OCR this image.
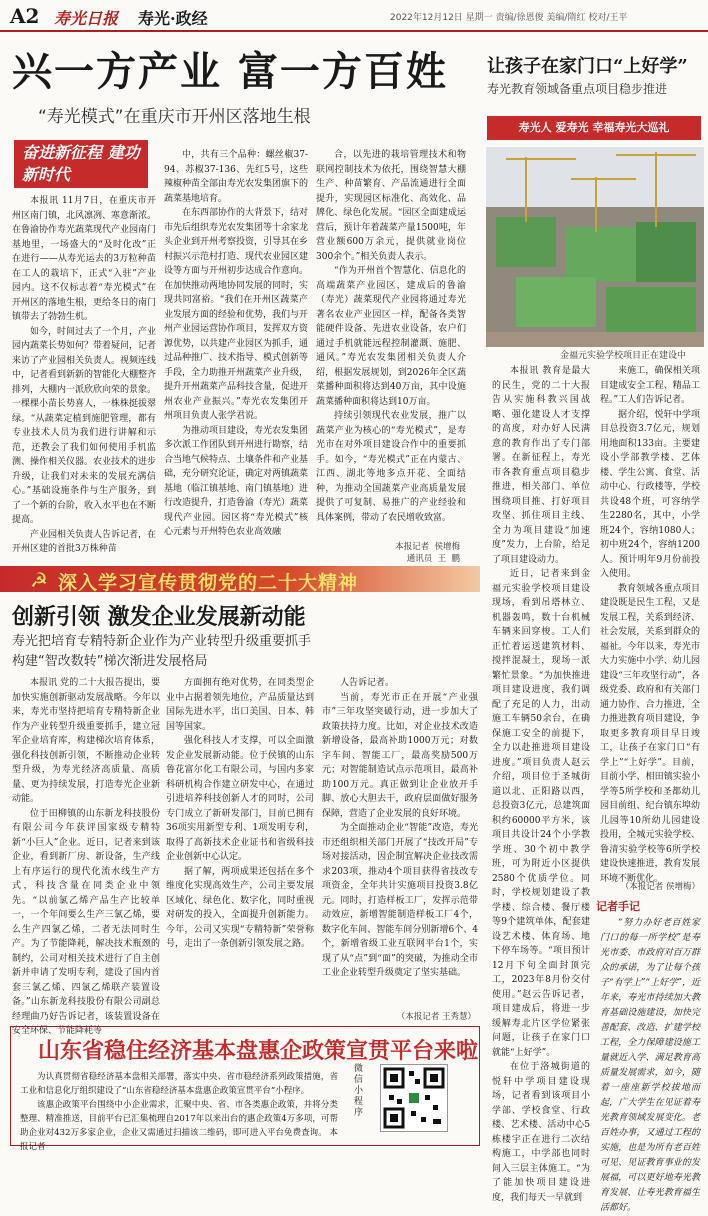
A2 寿光日报 寿光·政经	2022年12月12日 星期一 责编/徐恩俊 美编/隋红 校对/王平
兴一方产业 富一方百姓
“寿光模式”在重庆市开州区落地生根
奋进新征程 建功新时代

本报讯 11月7日，在重庆市开州区南门镇，北风凛冽、寒意渐浓。在鲁渝协作寿光蔬菜现代产业园南门基地里，一场盛大的“及时化改”正在进行——从寿光运去的3万粒种苗在工人的栽培下，正式“入驻”产业园内。这不仅标志着“寿光模式”在开州区的落地生根，更给冬日的南门镇带去了勃勃生机。

如今，时间过去了一个月，产业园内蔬菜长势如何？带着疑问，记者来访了产业园相关负责人。视频连线中，记者看到新新的智能化大棚整齐排列，大棚内一派欣欣向荣的景象。一棵棵小苗长势喜人，一株株挺拔翠绿。“从蔬菜定植到施肥管理，都有专业技术人员为我们进行讲解和示范，还教会了我们如何使用手机监测、操作相关仪器。农业技术的进步升级，让我们对未来的发展充满信心。”基础设施条件与生产服务，到了一个新的台阶，收入水平也在不断提高。

产业园相关负责人告诉记者，在开州区建的首批3万株种苗

中，共有三个品种：螺丝椒37-94、苏椒37-136、先红5号，这些辣椒种苗全部由寿光农发集团旗下的蔬菜基地培育。

在东西部协作的大背景下，结对市先后组织寿光农发集团等十余家龙头企业到开州考察投资，引导其在乡村振兴示范村打造、现代农业园区建设等方面与开州初步达成合作意向。在加快推动两地协同发展的同时，实现共同富裕。“我们在开州区蔬菜产业发展方面的经验和优势，我们与开州产业园运营协作项目，发挥双方资源优势，以共建产业园区为抓手，通过品种推广、技术指导、模式创新等手段，全力助推开州蔬菜产业升级，提升开州蔬菜产品科技含量，促进开州农业产业振兴。”寿光农发集团开州项目负责人张学君说。

为推动项目建设，寿光农发集团多次派工作团队到开州进行勘察，结合当地气候特点、土壤条件和产业基础，充分研究论证，确定对两镇蔬菜基地（临江镇基地、南门镇基地）进行改造提升，打造鲁渝（寿光）蔬菜现代产业园。园区将“寿光模式”核心元素与开州特色农业高效融

合，以先进的栽培管理技术和物联网控制技术为依托，围绕智慧大棚生产、种苗繁育、产品流通进行全面提升，实现园区标准化、高效化、品牌化、绿色化发展。“园区全面建成运营后，预计年着蔬菜产量1500吨，年营业额600万余元，提供就业岗位300余个。”相关负责人表示。

“作为开州首个智慧化、信息化的高端蔬菜产业园区，建成后的鲁渝（寿光）蔬菜现代产业园将通过寿光著名农业产业园区一样，配备各类智能硬件设备、先进农业设备，农户们通过手机就能远程控制灌溉、施肥、通风。”寿光农发集团相关负责人介绍，根据发展规划，到2026年全区蔬菜播种面积将达到40万亩，其中设施蔬菜播种面积将达到10万亩。

持续引领现代农业发展，推广以蔬菜产业为核心的“寿光模式”，是寿光市在对外项目建设合作中的重要抓手。如今，“寿光模式”正在内蒙古、江西、湖北等地多点开花、全面结种，为推动全国蔬菜产业高质量发展提供了可复制、易推广的产业经验和具体案例，带动了农民增收致富。

本报记者  侯增梅
通讯员  王  鹏
让孩子在家门口“上好学”
寿光教育领域备重点项目稳步推进
寿光人 爱寿光 幸福寿光大巡礼
金福元实验学校项目正在建设中

本报讯 教育是最大的民生，党的二十大报告从实施科教兴国战略、强化建设人才支撑的高度，对办好人民满意的教育作出了专门部署。在新征程上，寿光市各教育重点项目稳步推进，相关部门、单位围绕项目推、打好项目攻坚、抓住项目主线、全力为项目建设“加速度”发力，上台阶，给足了项目建设动力。

近日，记者来到金福元实验学校项目建设现场，看到吊塔林立、机器轰鸣，数十台机械车辆来回穿梭。工人们正忙着运送建筑材料、搅拌混凝土，现场一派繁忙景象。“为加快推进项目建设进度，我们调配了充足的人力，出动施工车辆50余台，在确保施工安全的前提下，全力以赴推进项目建设进度。”项目负责人赵云介绍，项目位于圣城街道以北、正阳路以西，总投资3亿元，总建筑面积约60000平方米，该项目共设计24个小学教学班、30个初中教学班，可为附近小区提供2580个优质学位。同时，学校规划建设了教学楼、综合楼、餐厅楼等9个建筑单体，配套建设艺术楼、体育场、地下停车场等。“项目预计12月下旬全面封顶完工，2023年8月份交付使用。”赵云告诉记者，项目建成后，将进一步缓解寿北片区学位紧张问题，让孩子在家门口就能“上好学”。

在位于洛城街道的悦轩中学项目建设现场，记者看到该项目小学部、学校食堂、行政楼、艺术楼、活动中心5栋楼宇正在进行二次结构施工，中学部也同时间入三层主体施工。“为了能加快项目建设进度，我们每天一早就到

来施工，确保相关项目建成安全工程、精品工程。”工人们告诉记者。

据介绍，悦轩中学项目总投资3.7亿元，规划用地面积133亩。主要建设小学部教学楼、艺体楼、学生公寓、食堂、活动中心、行政楼等，学校共设48个班，可容纳学生2280名，其中，小学班24个，容纳1080人；初中班24个，容纳1200人。预计明年9月份前投入使用。

教育领域各重点项目建设既是民生工程，又是发展工程，关系到经济、社会发展，关系到群众的福祉。今年以来，寿光市大力实施中小学、幼儿园建设“三年攻坚行动”，各级党委、政府和有关部门通力协作、合力推进，全力推进教育项目建设，争取更多教育项目早日竣工，让孩子在家门口“有学上”“上好学”。目前，目前小学、相田镇实验小学等5所学校和圣都幼儿园目前组、纪台镇东埠幼儿园等10所幼儿园建设投用，全城元实验学校、鲁清实验学校等6所学校建设快速推进，教育发展环境不断优化。

（本报记者 侯增梅）
记者手记

“努力办好老百姓家门口的每一所学校”是寿光市委、市政府对百万群众的承诺，为了让每个孩子“有学上”“上好学”，近年来，寿光市持续加大教育基础设施建设，加快完善配套、改造、扩建学校工程，全力保障建设施工量就近入学、满足教育高质量发展需求，如今，随着一座座新学校拔地而起，广大学生在见证着寿光教育领域发展变化。老百姓办事，又通过工程的实施，也是为所有老百姓可见、见证教育事业的发展福，可以更好地寿光教育发展、让寿光教育福生活都好。

☭ 深入学习宣传贯彻党的二十大精神
创新引领 激发企业发展新动能
寿光把培育专精特新企业作为产业转型升级重要抓手
构建“智改数转”梯次渐进发展格局

本报讯 党的二十大报告提出，要加快实施创新驱动发展战略。今年以来，寿光市坚持把培育专精特新企业作为产业转型升级重要抓手，建立冠军企业培育库，构建梯次培育体系，强化科技创新引领，不断推动企业转型升级，为寿光经济高质量、高质量、更为持续发展，打造寿光企业新动能。

位于田柳镇的山东新龙科技股份有限公司今年获评国家级专精特新“小巨人”企业。近日，记者来到该企业，看到新厂房、新设备，生产线上有序运行的现代化流水线生产方式，科技含量在同类企业中领先。“以前氯乙烯产品生产比较单一，一个年间要么生产三氯乙烯，要么生产四氯乙烯，二者无法同时生产。为了节能降耗，解决技术瓶颈的制约，公司对相关技术进行了自主创新并申请了发明专利，建设了国内首套三氯乙烯、四氯乙烯联产装置设备。”山东新龙科技股份有限公司副总经理曲乃好告诉记者，该装置设备在安全环保、节能降耗等

方面拥有绝对优势，在同类型企业中占据着领先地位，产品质量达到国际先进水平，出口美国、日本、韩国等国家。

强化科技人才支撑，可以全面激发企业发展新动能。位于侯镇的山东鲁花富尔化工有限公司，与国内多家科研机构合作建立研发中心，在通过引进培养科技创新人才的同时，公司专门成立了新研发部门，目前已拥有36项实用新型专利、1项发明专利，取得了高新技术企业证书和省级科技企业创新中心认定。

据了解，两项成果还包括在多个维度化实现高效生产，公司主要发展区域化、绿色化、数字化，同时重视对研发的投入，全面提升创新能力。今年，公司又实现“专精特新”荣誉称号，走出了一条创新引领发展之路。

人告诉记者。

当前，寿光市正在开展“产业强市”三年攻坚突破行动，进一步加大了政策扶持力度。比如，对企业技术改造新增设备，最高补助1000万元；对数字车间、智能工厂，最高奖励500万元；对智能制造试点示范项目，最高补助100万元。真正做到让企业放开手脚、放心大胆去干，政府层面做好服务保障，营造了企业发展的良好环境。

为全面推动企业“智能”改造，寿光市还组织相关部门开展了“技改开局”专场对接活动，因企制宜解决企业技改需求203项，推动4个项目获得省技改专项资金，全年共计实施项目投资3.8亿元。同时，打造样板工厂，发挥示范带动效应，新增智能制造样板工厂4个，数字化车间、智能车间分别新增6个、4个，新增省级工业互联网平台1个，实现了从“点”到“面”的突破，为推动全市工业企业转型升级奠定了坚实基础。

（本报记者 王秀慧）
山东省稳住经济基本盘惠企政策宣贯平台来啦

为认真贯彻省稳经济基本盘相关部署，落实中央、省市稳经济系列政策措施，省工业和信息化厅组织建设了“山东省稳经济基本盘惠企政策宣贯平台”小程序。

该惠企政策平台围绕中小企业需求，汇聚中央、省、市各类惠企政策，并将分类整理、精准推送，目前平台已汇集梳理自2017年以来出台的惠企政策4万多项，可帮助企业对432万多家企业，企业又需通过扫描该二维码，即可进入平台免费查询。 本报记者

微信小程序
